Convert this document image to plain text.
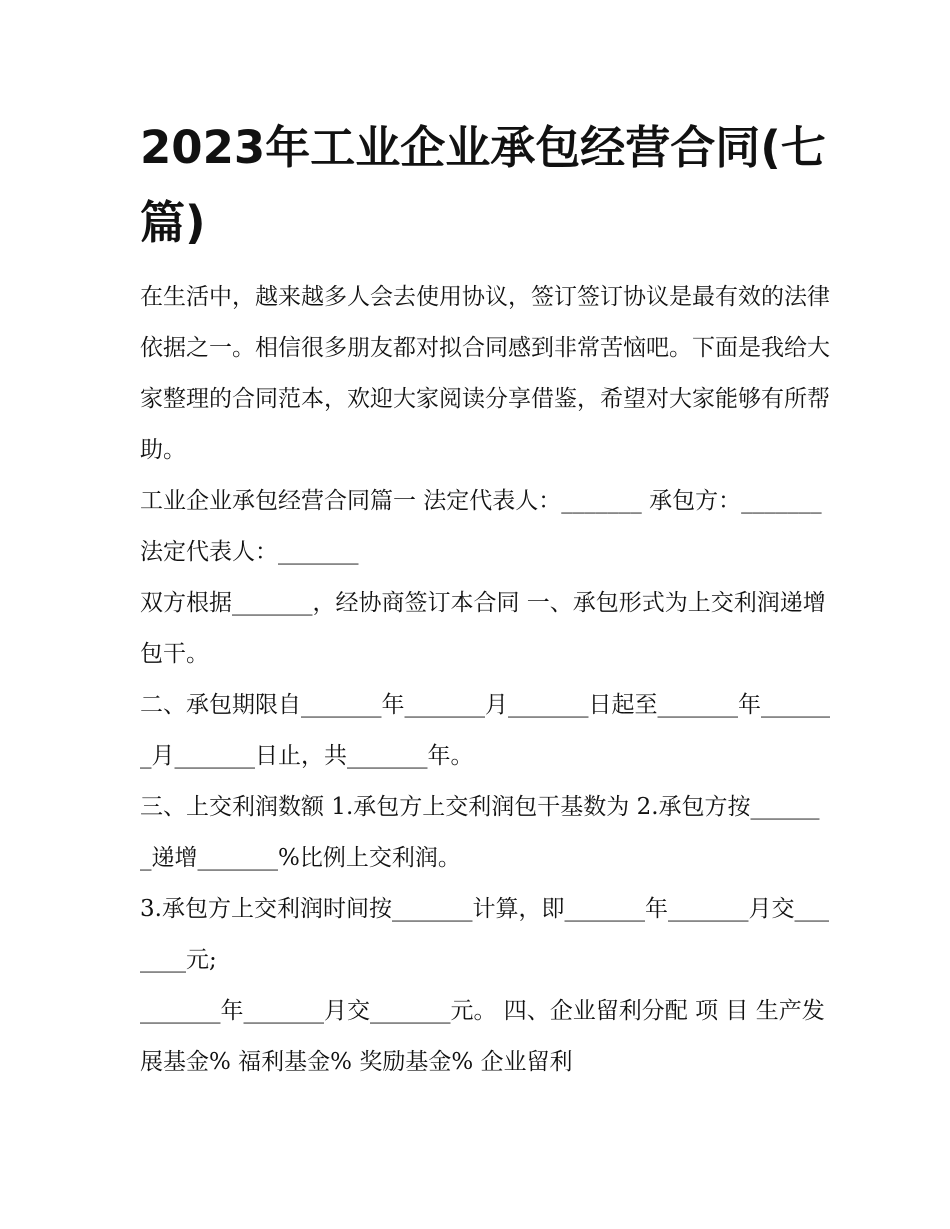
2023年工业企业承包经营合同(七篇)

在生活中，越来越多人会去使用协议，签订签订协议是最有效的法律依据之一。相信很多朋友都对拟合同感到非常苦恼吧。下面是我给大家整理的合同范本，欢迎大家阅读分享借鉴，希望对大家能够有所帮助。

工业企业承包经营合同篇一 法定代表人：_______ 承包方：_______ 法定代表人：_______

双方根据_______，经协商签订本合同 一、承包形式为上交利润递增包干。

二、承包期限自_______年_______月_______日起至_______年_______月_______日止，共_______年。

三、上交利润数额 1.承包方上交利润包干基数为 2.承包方按_______递增_______%比例上交利润。

3.承包方上交利润时间按_______计算，即_______年_______月交_______元;

_______年_______月交_______元。 四、企业留利分配 项 目 生产发展基金% 福利基金% 奖励基金% 企业留利
